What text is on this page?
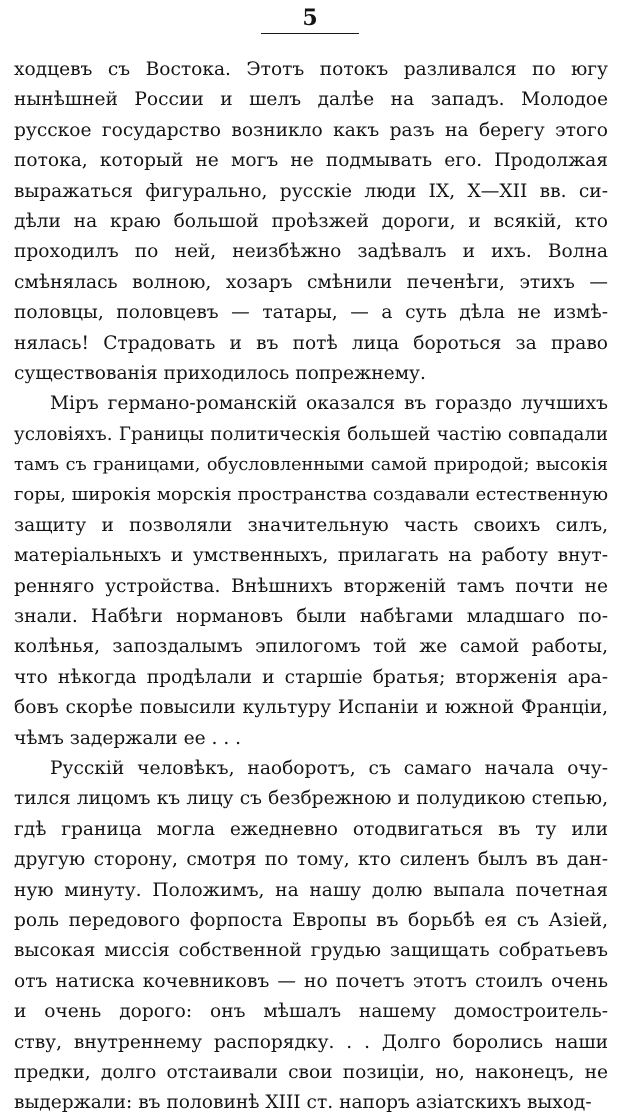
5
ходцевъ съ Востока. Этотъ потокъ разливался по югу
нынѣшней России и шелъ далѣе на западъ. Молодое
русское государство возникло какъ разъ на берегу этого
потока, который не могъ не подмывать его. Продолжая
выражаться фигурально, русскіе люди IX, X—XII вв. си-
дѣли на краю большой проѣзжей дороги, и всякій, кто
проходилъ по ней, неизбѣжно задѣвалъ и ихъ. Волна
смѣнялась волною, хозаръ смѣнили печенѣги, этихъ —
половцы, половцевъ — татары, — а суть дѣла не измѣ-
нялась! Страдовать и въ потѣ лица бороться за право
существованія приходилось попрежнему.
Міръ германо-романскій оказался въ гораздо лучшихъ
условіяхъ. Границы политическія большей частію совпадали
тамъ съ границами, обусловленными самой природой; высокія
горы, широкія морскія пространства создавали естественную
защиту и позволяли значительную часть своихъ силъ,
матеріальныхъ и умственныхъ, прилагать на работу внут-
ренняго устройства. Внѣшнихъ вторженій тамъ почти не
знали. Набѣги нормановъ были набѣгами младшаго по-
колѣнья, запоздалымъ эпилогомъ той же самой работы,
что нѣкогда продѣлали и старшіе братья; вторженія ара-
бовъ скорѣе повысили культуру Испаніи и южной Франціи,
чѣмъ задержали ее . . .
Русскій человѣкъ, наоборотъ, съ самаго начала очу-
тился лицомъ къ лицу съ безбрежною и полудикою степью,
гдѣ граница могла ежедневно отодвигаться въ ту или
другую сторону, смотря по тому, кто силенъ былъ въ дан-
ную минуту. Положимъ, на нашу долю выпала почетная
роль передового форпоста Европы въ борьбѣ ея съ Азіей,
высокая миссія собственной грудью защищать собратьевъ
отъ натиска кочевниковъ — но почетъ этотъ стоилъ очень
и очень дорого: онъ мѣшалъ нашему домостроитель-
ству, внутреннему распорядку. . . Долго боролись наши
предки, долго отстаивали свои позиціи, но, наконецъ, не
выдержали: въ половинѣ XIII ст. напоръ азіатскихъ выход-
